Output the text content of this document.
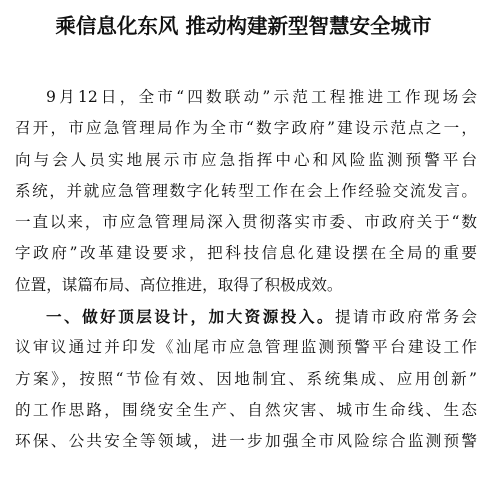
乘信息化东风 推动构建新型智慧安全城市
9月12日，全市“四数联动”示范工程推进工作现场会
召开，市应急管理局作为全市“数字政府”建设示范点之一，
向与会人员实地展示市应急指挥中心和风险监测预警平台
系统，并就应急管理数字化转型工作在会上作经验交流发言。
一直以来，市应急管理局深入贯彻落实市委、市政府关于“数
字政府”改革建设要求，把科技信息化建设摆在全局的重要
位置，谋篇布局、高位推进，取得了积极成效。
一、做好顶层设计，加大资源投入。提请市政府常务会
议审议通过并印发《汕尾市应急管理监测预警平台建设工作
方案》，按照“节俭有效、因地制宜、系统集成、应用创新”
的工作思路，围绕安全生产、自然灾害、城市生命线、生态
环保、公共安全等领域，进一步加强全市风险综合监测预警
